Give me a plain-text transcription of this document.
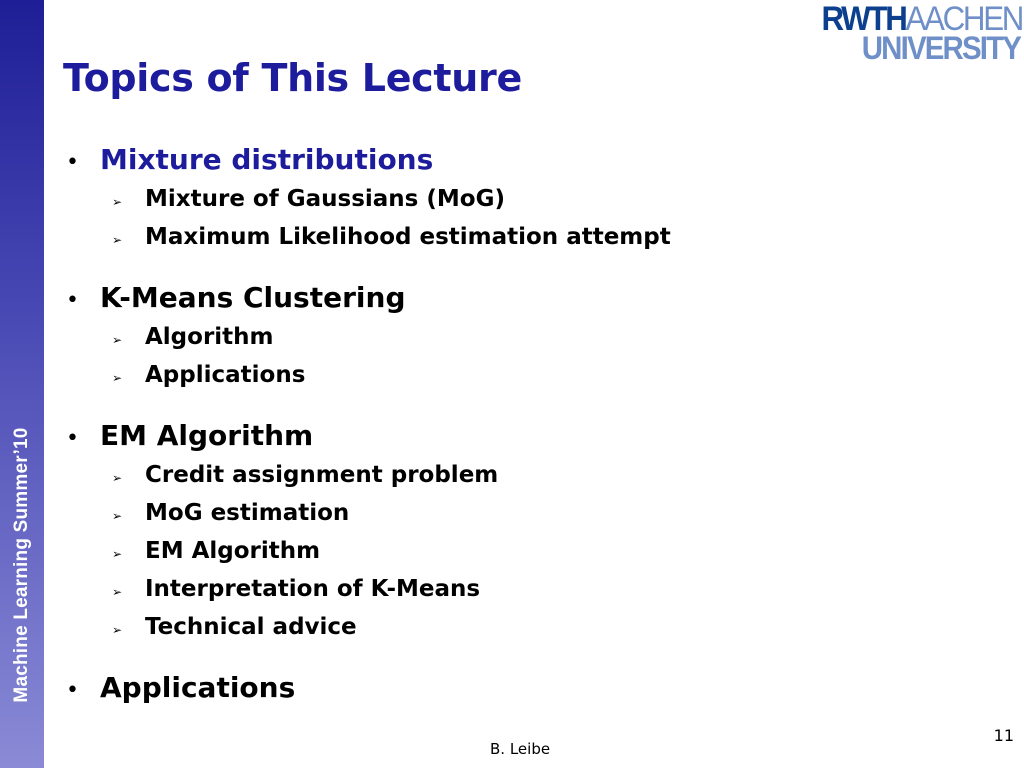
Machine Learning Summer’10
RWTHAACHEN
UNIVERSITY
Topics of This Lecture
• Mixture distributions
➢ Mixture of Gaussians (MoG)
➢ Maximum Likelihood estimation attempt
• K-Means Clustering
➢ Algorithm
➢ Applications
• EM Algorithm
➢ Credit assignment problem
➢ MoG estimation
➢ EM Algorithm
➢ Interpretation of K-Means
➢ Technical advice
• Applications
B. Leibe
11
